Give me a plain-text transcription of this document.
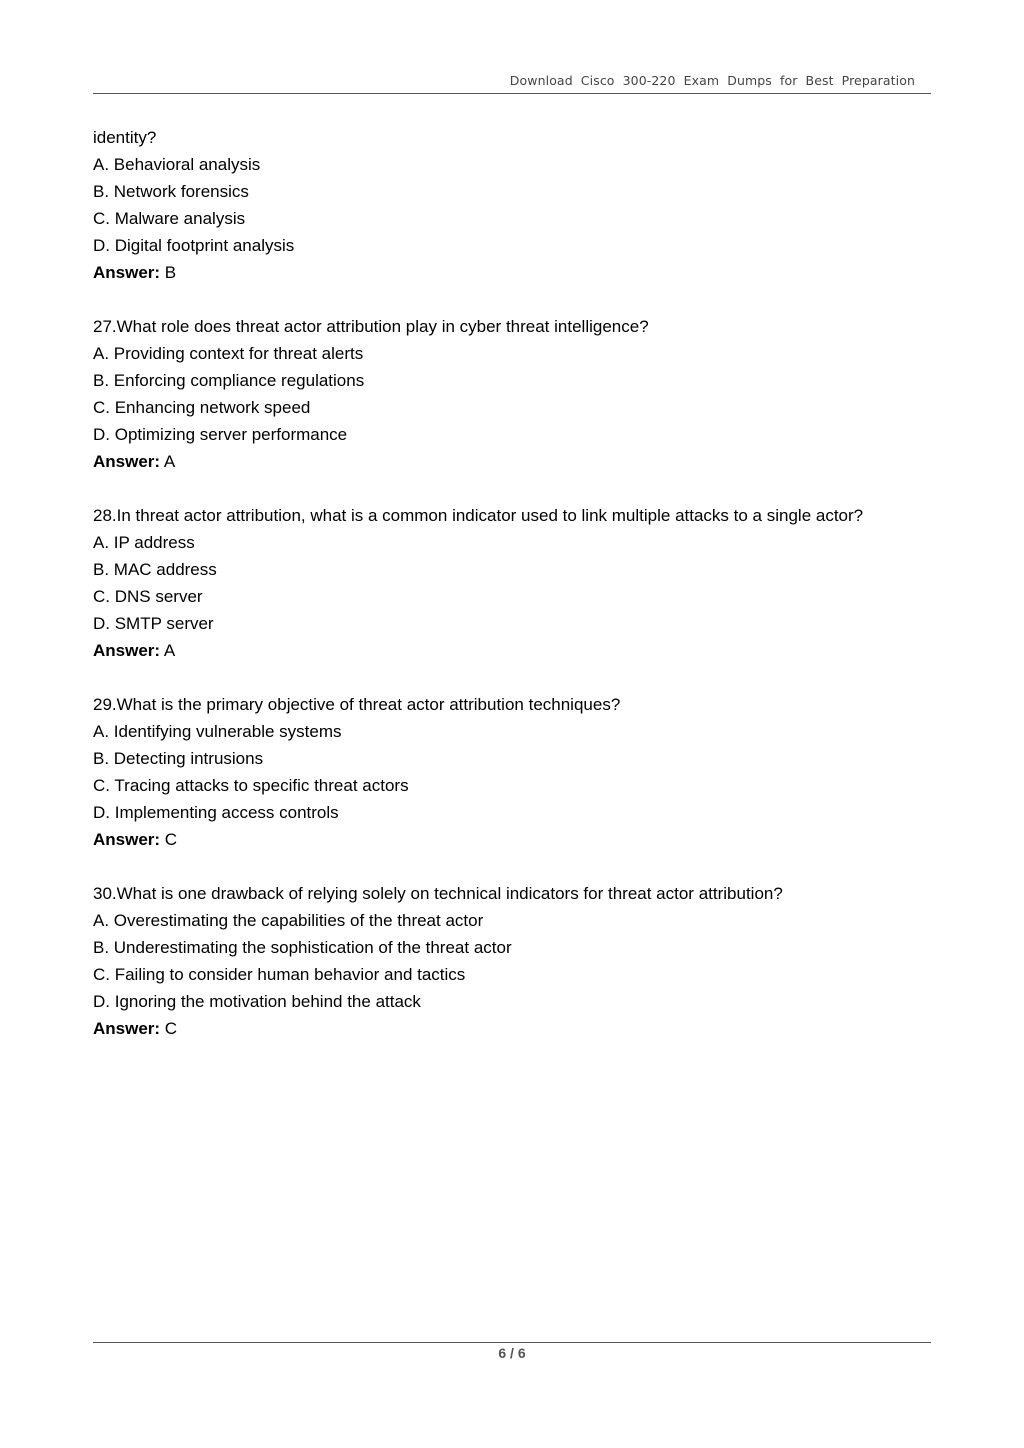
Download Cisco 300-220 Exam Dumps for Best Preparation
identity?
A. Behavioral analysis
B. Network forensics
C. Malware analysis
D. Digital footprint analysis
Answer: B
27.What role does threat actor attribution play in cyber threat intelligence?
A. Providing context for threat alerts
B. Enforcing compliance regulations
C. Enhancing network speed
D. Optimizing server performance
Answer: A
28.In threat actor attribution, what is a common indicator used to link multiple attacks to a single actor?
A. IP address
B. MAC address
C. DNS server
D. SMTP server
Answer: A
29.What is the primary objective of threat actor attribution techniques?
A. Identifying vulnerable systems
B. Detecting intrusions
C. Tracing attacks to specific threat actors
D. Implementing access controls
Answer: C
30.What is one drawback of relying solely on technical indicators for threat actor attribution?
A. Overestimating the capabilities of the threat actor
B. Underestimating the sophistication of the threat actor
C. Failing to consider human behavior and tactics
D. Ignoring the motivation behind the attack
Answer: C
6 / 6
